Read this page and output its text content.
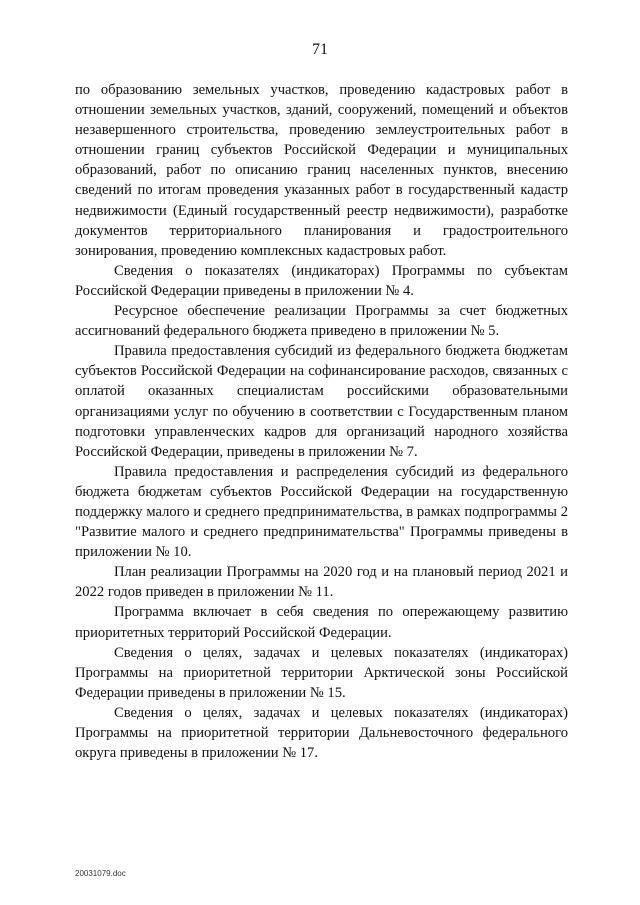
71

по образованию земельных участков, проведению кадастровых работ в отношении земельных участков, зданий, сооружений, помещений и объектов незавершенного строительства, проведению землеустроительных работ в отношении границ субъектов Российской Федерации и муниципальных образований, работ по описанию границ населенных пунктов, внесению сведений по итогам проведения указанных работ в государственный кадастр недвижимости (Единый государственный реестр недвижимости), разработке документов территориального планирования и градостроительного зонирования, проведению комплексных кадастровых работ.

Сведения о показателях (индикаторах) Программы по субъектам Российской Федерации приведены в приложении № 4.

Ресурсное обеспечение реализации Программы за счет бюджетных ассигнований федерального бюджета приведено в приложении № 5.

Правила предоставления субсидий из федерального бюджета бюджетам субъектов Российской Федерации на софинансирование расходов, связанных с оплатой оказанных специалистам российскими образовательными организациями услуг по обучению в соответствии с Государственным планом подготовки управленческих кадров для организаций народного хозяйства Российской Федерации, приведены в приложении № 7.

Правила предоставления и распределения субсидий из федерального бюджета бюджетам субъектов Российской Федерации на государственную поддержку малого и среднего предпринимательства, в рамках подпрограммы 2 "Развитие малого и среднего предпринимательства" Программы приведены в приложении № 10.

План реализации Программы на 2020 год и на плановый период 2021 и 2022 годов приведен в приложении № 11.

Программа включает в себя сведения по опережающему развитию приоритетных территорий Российской Федерации.

Сведения о целях, задачах и целевых показателях (индикаторах) Программы на приоритетной территории Арктической зоны Российской Федерации приведены в приложении № 15.

Сведения о целях, задачах и целевых показателях (индикаторах) Программы на приоритетной территории Дальневосточного федерального округа приведены в приложении № 17.

20031079.doc
